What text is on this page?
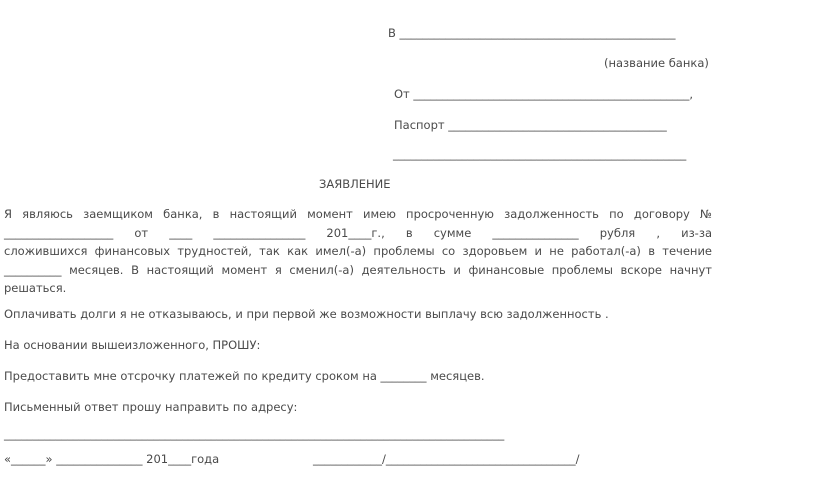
В ________________________________________________
(название банка)
От ________________________________________________,
Паспорт ______________________________________
___________________________________________________
ЗАЯВЛЕНИЕ
Я являюсь заемщиком банка, в настоящий момент имею просроченную задолженность по договору №
___________________ от ____ ________________ 201____г., в сумме _______________ рубля , из-за
сложившихся финансовых трудностей, так как имел(-а) проблемы со здоровьем и не работал(-а) в течение
__________ месяцев. В настоящий момент я сменил(-а) деятельность и финансовые проблемы вскоре начнут
решаться.
Оплачивать долги я не отказываюсь, и при первой же возможности выплачу всю задолженность .
На основании вышеизложенного, ПРОШУ:
Предоставить мне отсрочку платежей по кредиту сроком на ________ месяцев.
Письменный ответ прошу направить по адресу:
_______________________________________________________________________________________
«______» _______________ 201____года	____________/_________________________________/
